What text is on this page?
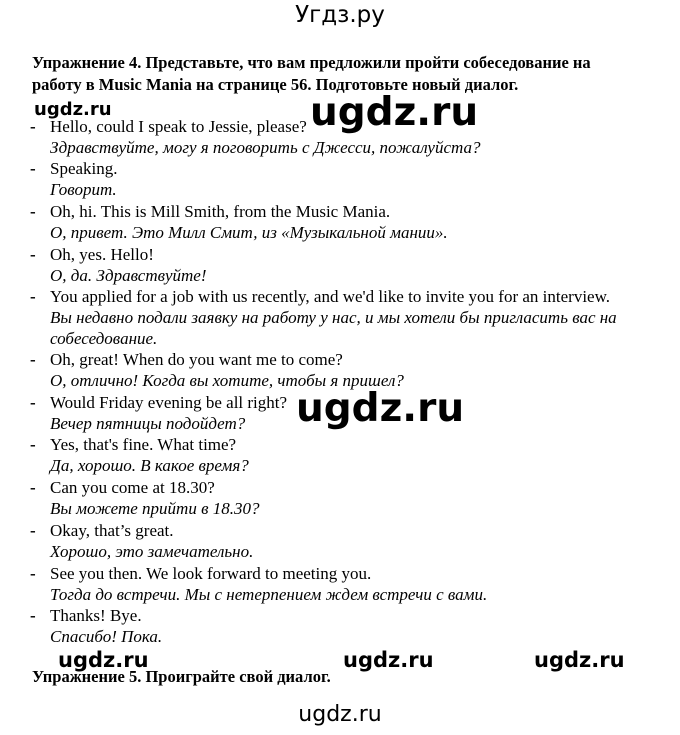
Угдз.ру
Упражнение 4. Представьте, что вам предложили пройти собеседование на работу в Music Mania на странице 56. Подготовьте новый диалог.
ugdz.ru	ugdz.ru
ugdz.ru
- Hello, could I speak to Jessie, please?
Здравствуйте, могу я поговорить с Джесси, пожалуйста?
- Speaking.
Говорит.
- Oh, hi. This is Mill Smith, from the Music Mania.
О, привет. Это Милл Смит, из «Музыкальной мании».
- Oh, yes. Hello!
О, да. Здравствуйте!
- You applied for a job with us recently, and we'd like to invite you for an interview.
Вы недавно подали заявку на работу у нас, и мы хотели бы пригласить вас на собеседование.
- Oh, great! When do you want me to come?
О, отлично! Когда вы хотите, чтобы я пришел?
- Would Friday evening be all right?
Вечер пятницы подойдет?
- Yes, that's fine. What time?
Да, хорошо. В какое время?
- Can you come at 18.30?
Вы можете прийти в 18.30?
- Okay, that’s great.
Хорошо, это замечательно.
- See you then. We look forward to meeting you.
Тогда до встречи. Мы с нетерпением ждем встречи с вами.
- Thanks! Bye.
Спасибо! Пока.
ugdz.ru	ugdz.ru	ugdz.ru
Упражнение 5. Проиграйте свой диалог.
ugdz.ru
